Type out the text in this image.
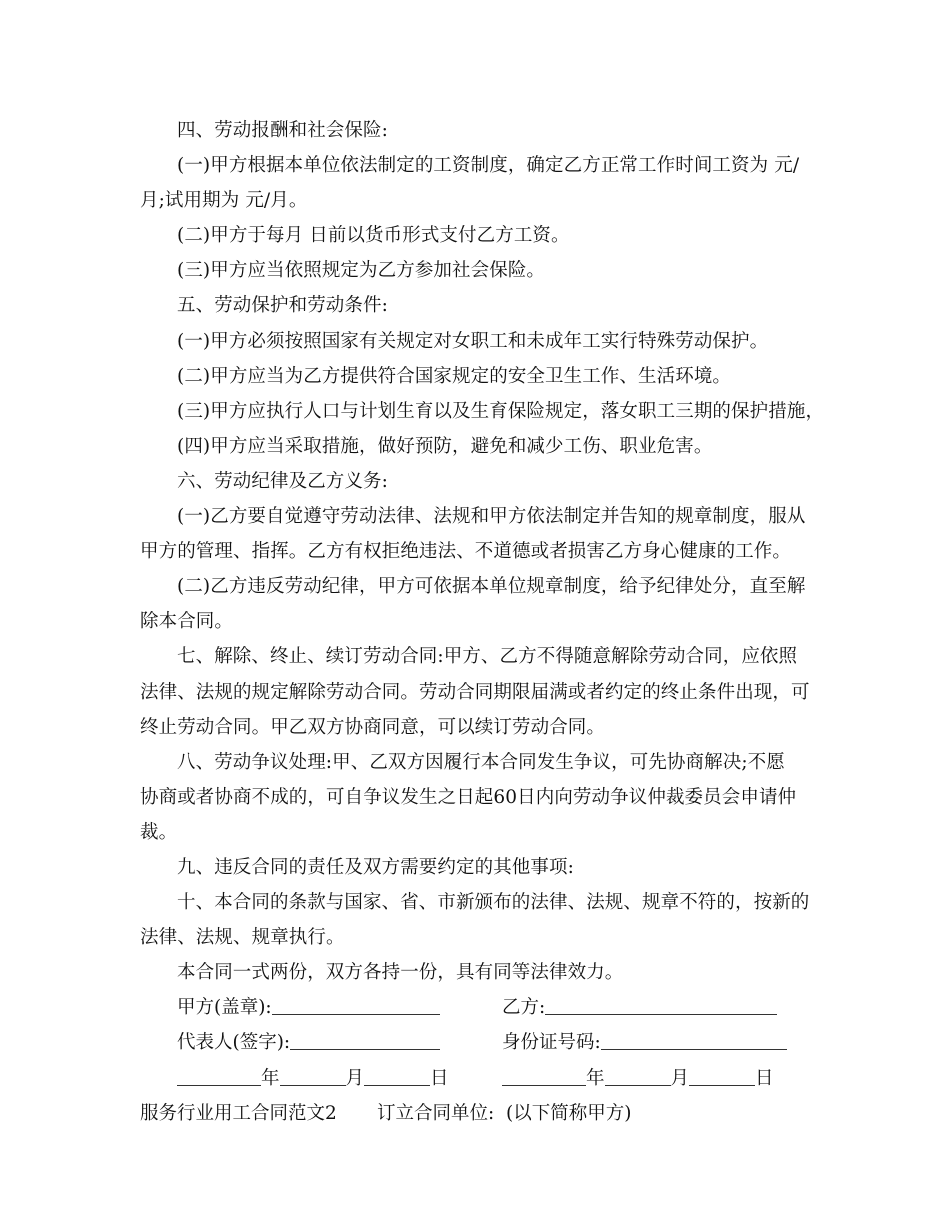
四、劳动报酬和社会保险:
(一)甲方根据本单位依法制定的工资制度，确定乙方正常工作时间工资为 元/
月;试用期为 元/月。
(二)甲方于每月 日前以货币形式支付乙方工资。
(三)甲方应当依照规定为乙方参加社会保险。
五、劳动保护和劳动条件:
(一)甲方必须按照国家有关规定对女职工和未成年工实行特殊劳动保护。
(二)甲方应当为乙方提供符合国家规定的安全卫生工作、生活环境。
(三)甲方应执行人口与计划生育以及生育保险规定，落女职工三期的保护措施，
(四)甲方应当采取措施，做好预防，避免和减少工伤、职业危害。
六、劳动纪律及乙方义务:
(一)乙方要自觉遵守劳动法律、法规和甲方依法制定并告知的规章制度，服从
甲方的管理、指挥。乙方有权拒绝违法、不道德或者损害乙方身心健康的工作。
(二)乙方违反劳动纪律，甲方可依据本单位规章制度，给予纪律处分，直至解
除本合同。
七、解除、终止、续订劳动合同:甲方、乙方不得随意解除劳动合同，应依照
法律、法规的规定解除劳动合同。劳动合同期限届满或者约定的终止条件出现，可
终止劳动合同。甲乙双方协商同意，可以续订劳动合同。
八、劳动争议处理:甲、乙双方因履行本合同发生争议，可先协商解决;不愿
协商或者协商不成的，可自争议发生之日起60日内向劳动争议仲裁委员会申请仲
裁。
九、违反合同的责任及双方需要约定的其他事项:
十、本合同的条款与国家、省、市新颁布的法律、法规、规章不符的，按新的
法律、法规、规章执行。
本合同一式两份，双方各持一份，具有同等法律效力。
甲方(盖章):	乙方:
代表人(签字):	身份证号码:
年	月	日	年	月	日
服务行业用工合同范文2 订立合同单位: (以下简称甲方)
